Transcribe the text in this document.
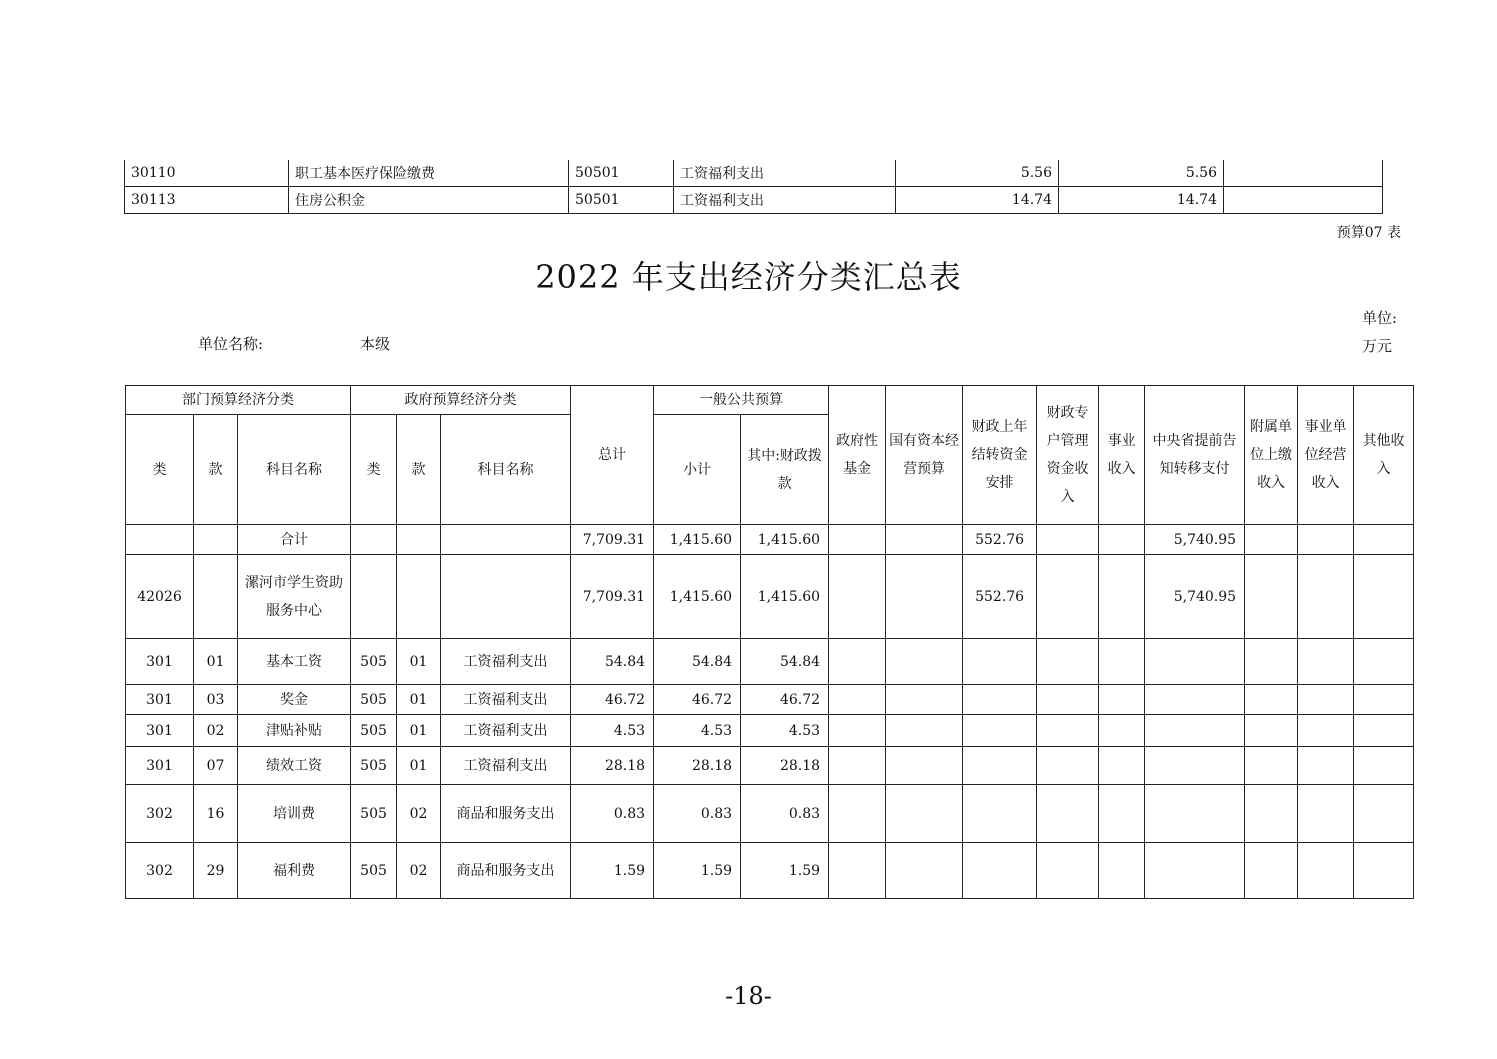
30110	职工基本医疗保险缴费	50501	工资福利支出	5.56	5.56	
30113	住房公积金	50501	工资福利支出	14.74	14.74	
预算07 表
2022 年支出经济分类汇总表
单位名称:	本级
单位:万元
部门预算经济分类			政府预算经济分类			总计	一般公共预算		政府性基金	国有资本经营预算	财政上年结转资金安排	财政专户管理资金收入	事业收入	中央省提前告知转移支付	附属单位上缴收入	事业单位经营收入	其他收入
类	款	科目名称	类	款	科目名称		小计	其中:财政拨款									
		合计				7,709.31	1,415.60	1,415.60			552.76			5,740.95			
42026		漯河市学生资助服务中心				7,709.31	1,415.60	1,415.60			552.76			5,740.95			
301	01	基本工资	505	01	工资福利支出	54.84	54.84	54.84									
301	03	奖金	505	01	工资福利支出	46.72	46.72	46.72									
301	02	津贴补贴	505	01	工资福利支出	4.53	4.53	4.53									
301	07	绩效工资	505	01	工资福利支出	28.18	28.18	28.18									
302	16	培训费	505	02	商品和服务支出	0.83	0.83	0.83									
302	29	福利费	505	02	商品和服务支出	1.59	1.59	1.59									
-18-
